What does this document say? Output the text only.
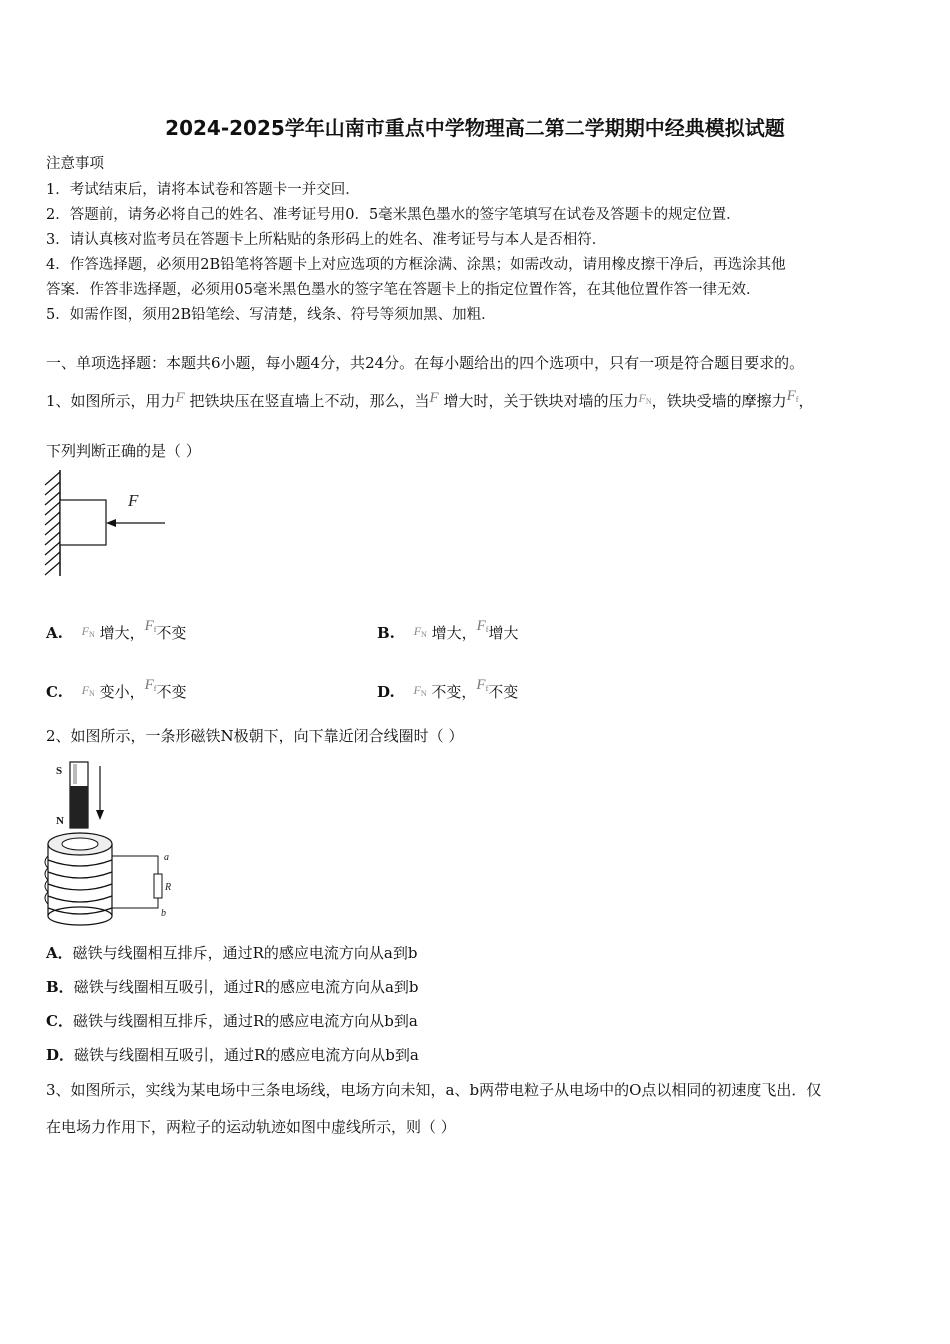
2024-2025学年山南市重点中学物理高二第二学期期中经典模拟试题
注意事项
1．考试结束后，请将本试卷和答题卡一并交回．
2．答题前，请务必将自己的姓名、准考证号用0．5毫米黑色墨水的签字笔填写在试卷及答题卡的规定位置．
3．请认真核对监考员在答题卡上所粘贴的条形码上的姓名、准考证号与本人是否相符．
4．作答选择题，必须用2B铅笔将答题卡上对应选项的方框涂满、涂黑；如需改动，请用橡皮擦干净后，再选涂其他
答案．作答非选择题，必须用05毫米黑色墨水的签字笔在答题卡上的指定位置作答，在其他位置作答一律无效．
5．如需作图，须用2B铅笔绘、写清楚，线条、符号等须加黑、加粗．
一、单项选择题：本题共6小题，每小题4分，共24分。在每小题给出的四个选项中，只有一项是符合题目要求的。
1、如图所示，用力F 把铁块压在竖直墙上不动，那么，当F 增大时，关于铁块对墙的压力$^{F_N}$，铁块受墙的摩擦力$F_f$，
下列判断正确的是（ ）
F
A. $^{F_N}$ 增大，$F_f$不变	B. $^{F_N}$ 增大，$F_f$增大
C. $^{F_N}$ 变小，$F_f$不变	D. $^{F_N}$ 不变，$F_f$不变
2、如图所示，一条形磁铁N极朝下，向下靠近闭合线圈时（ ）
S
N
a
R
b
A．磁铁与线圈相互排斥，通过R的感应电流方向从a到b
B．磁铁与线圈相互吸引，通过R的感应电流方向从a到b
C．磁铁与线圈相互排斥，通过R的感应电流方向从b到a
D．磁铁与线圈相互吸引，通过R的感应电流方向从b到a
3、如图所示，实线为某电场中三条电场线，电场方向未知，a、b两带电粒子从电场中的O点以相同的初速度飞出．仅
在电场力作用下，两粒子的运动轨迹如图中虚线所示，则（ ）
